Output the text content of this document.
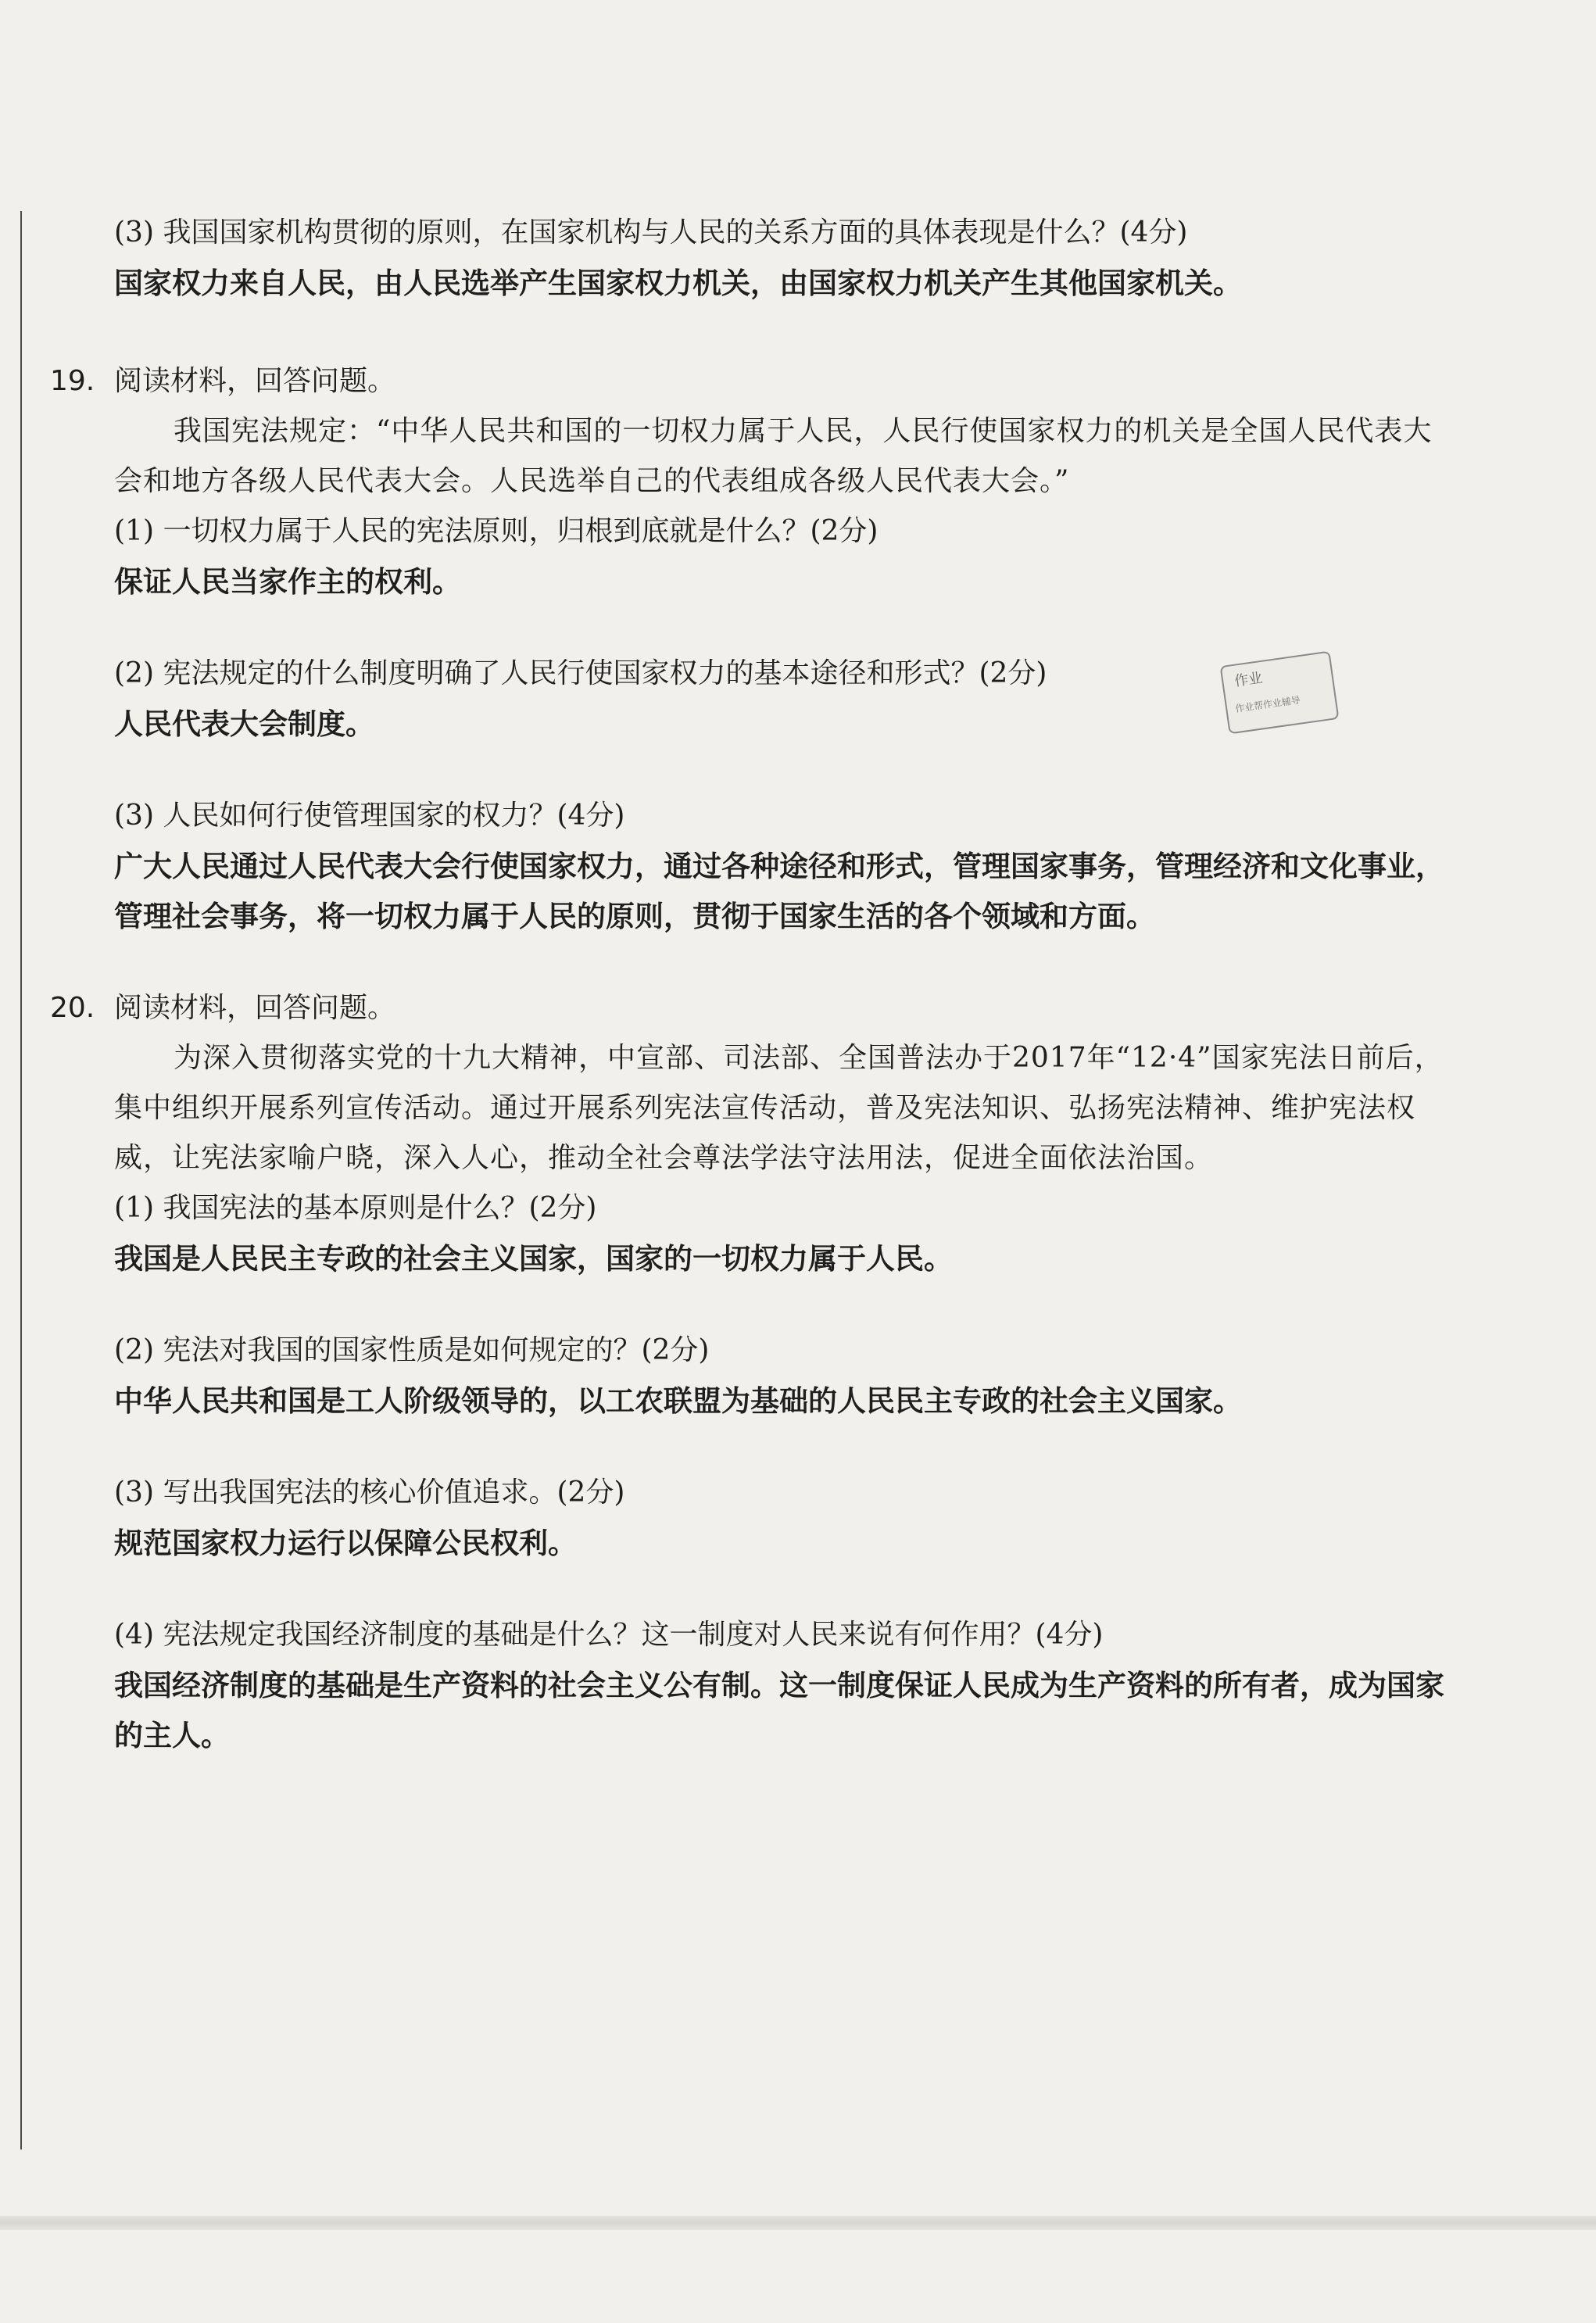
作业
作业帮作业辅导
(3) 我国国家机构贯彻的原则，在国家机构与人民的关系方面的具体表现是什么？(4分)
国家权力来自人民，由人民选举产生国家权力机关，由国家权力机关产生其他国家机关。
19. 阅读材料，回答问题。
我国宪法规定：“中华人民共和国的一切权力属于人民，人民行使国家权力的机关是全国人民代表大会和地方各级人民代表大会。人民选举自己的代表组成各级人民代表大会。”
(1) 一切权力属于人民的宪法原则，归根到底就是什么？(2分)
保证人民当家作主的权利。
(2) 宪法规定的什么制度明确了人民行使国家权力的基本途径和形式？(2分)
人民代表大会制度。
(3) 人民如何行使管理国家的权力？(4分)
广大人民通过人民代表大会行使国家权力，通过各种途径和形式，管理国家事务，管理经济和文化事业，管理社会事务，将一切权力属于人民的原则，贯彻于国家生活的各个领域和方面。
20. 阅读材料，回答问题。
为深入贯彻落实党的十九大精神，中宣部、司法部、全国普法办于2017年“12·4”国家宪法日前后，集中组织开展系列宣传活动。通过开展系列宪法宣传活动，普及宪法知识、弘扬宪法精神、维护宪法权威，让宪法家喻户晓，深入人心，推动全社会尊法学法守法用法，促进全面依法治国。
(1) 我国宪法的基本原则是什么？(2分)
我国是人民民主专政的社会主义国家，国家的一切权力属于人民。
(2) 宪法对我国的国家性质是如何规定的？(2分)
中华人民共和国是工人阶级领导的，以工农联盟为基础的人民民主专政的社会主义国家。
(3) 写出我国宪法的核心价值追求。(2分)
规范国家权力运行以保障公民权利。
(4) 宪法规定我国经济制度的基础是什么？这一制度对人民来说有何作用？(4分)
我国经济制度的基础是生产资料的社会主义公有制。这一制度保证人民成为生产资料的所有者，成为国家的主人。
